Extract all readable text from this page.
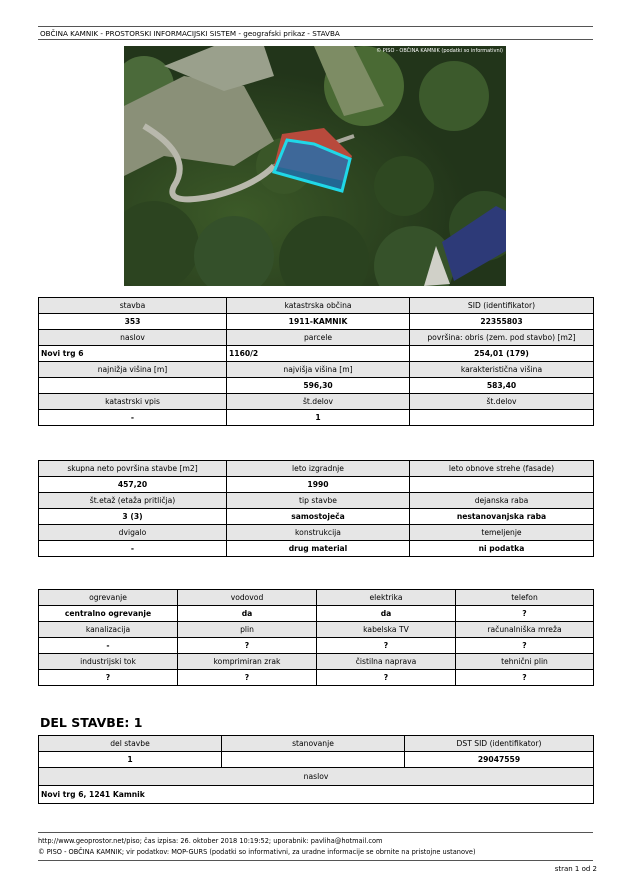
OBČINA KAMNIK - PROSTORSKI INFORMACIJSKI SISTEM - geografski prikaz - STAVBA
© PISO - OBČINA KAMNIK (podatki so informativni)
stavba	katastrska občina	SID (identifikator)
353	1911-KAMNIK	22355803
naslov	parcele	površina: obris (zem. pod stavbo) [m2]
Novi trg 6	1160/2	254,01 (179)
najnižja višina [m]	najvišja višina [m]	karakteristična višina
	596,30	583,40
katastrski vpis	št.delov	št.delov
-	1	
skupna neto površina stavbe [m2]	leto izgradnje	leto obnove strehe (fasade)
457,20	1990	
št.etaž (etaža pritličja)	tip stavbe	dejanska raba
3 (3)	samostoječa	nestanovanjska raba
dvigalo	konstrukcija	temeljenje
-	drug material	ni podatka
ogrevanje	vodovod	elektrika	telefon
centralno ogrevanje	da	da	?
kanalizacija	plin	kabelska TV	računalniška mreža
-	?	?	?
industrijski tok	komprimiran zrak	čistilna naprava	tehnični plin
?	?	?	?
DEL STAVBE: 1
del stavbe	stanovanje	DST SID (identifikator)
1		29047559
naslov		
Novi trg 6, 1241 Kamnik		
http://www.geoprostor.net/piso; čas izpisa: 26. oktober 2018 10:19:52; uporabnik: pavliha@hotmail.com
© PISO - OBČINA KAMNIK; vir podatkov: MOP-GURS (podatki so informativni, za uradne informacije se obrnite na pristojne ustanove)
stran 1 od 2
